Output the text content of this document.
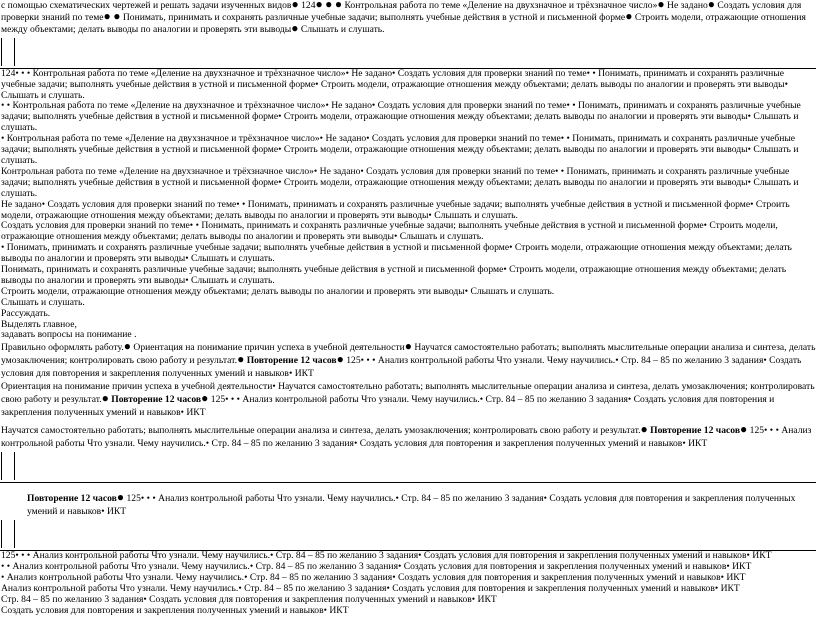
с помощью схематических чертежей и решать задачи изученных видов● 124● ● ● Контрольная работа по теме «Деление на двухзначное и трёхзначное число»● Не задано● Создать условия для проверки знаний по теме● ● Понимать, принимать и сохранять различные учебные задачи; выполнять учебные действия в устной и письменной форме● Строить модели, отражающие отношения между объектами; делать выводы по аналогии и проверять эти выводы● Слышать и слушать.

124• • • Контрольная работа по теме «Деление на двухзначное и трёхзначное число»• Не задано• Создать условия для проверки знаний по теме• • Понимать, принимать и сохранять различные учебные задачи; выполнять учебные действия в устной и письменной форме• Строить модели, отражающие отношения между объектами; делать выводы по аналогии и проверять эти выводы• Слышать и слушать.

• • Контрольная работа по теме «Деление на двухзначное и трёхзначное число»• Не задано• Создать условия для проверки знаний по теме• • Понимать, принимать и сохранять различные учебные задачи; выполнять учебные действия в устной и письменной форме• Строить модели, отражающие отношения между объектами; делать выводы по аналогии и проверять эти выводы• Слышать и слушать.

• Контрольная работа по теме «Деление на двухзначное и трёхзначное число»• Не задано• Создать условия для проверки знаний по теме• • Понимать, принимать и сохранять различные учебные задачи; выполнять учебные действия в устной и письменной форме• Строить модели, отражающие отношения между объектами; делать выводы по аналогии и проверять эти выводы• Слышать и слушать.

Контрольная работа по теме «Деление на двухзначное и трёхзначное число»• Не задано• Создать условия для проверки знаний по теме• • Понимать, принимать и сохранять различные учебные задачи; выполнять учебные действия в устной и письменной форме• Строить модели, отражающие отношения между объектами; делать выводы по аналогии и проверять эти выводы• Слышать и слушать.

Не задано• Создать условия для проверки знаний по теме• • Понимать, принимать и сохранять различные учебные задачи; выполнять учебные действия в устной и письменной форме• Строить модели, отражающие отношения между объектами; делать выводы по аналогии и проверять эти выводы• Слышать и слушать.

Создать условия для проверки знаний по теме• • Понимать, принимать и сохранять различные учебные задачи; выполнять учебные действия в устной и письменной форме• Строить модели, отражающие отношения между объектами; делать выводы по аналогии и проверять эти выводы• Слышать и слушать.

• Понимать, принимать и сохранять различные учебные задачи; выполнять учебные действия в устной и письменной форме• Строить модели, отражающие отношения между объектами; делать выводы по аналогии и проверять эти выводы• Слышать и слушать.

Понимать, принимать и сохранять различные учебные задачи; выполнять учебные действия в устной и письменной форме• Строить модели, отражающие отношения между объектами; делать выводы по аналогии и проверять эти выводы• Слышать и слушать.

Строить модели, отражающие отношения между объектами; делать выводы по аналогии и проверять эти выводы• Слышать и слушать.

Слышать и слушать.

Рассуждать.

Выделять главное,

задавать вопросы на понимание .

Правильно оформлять работу.● Ориентация на понимание причин успеха в учебной деятельности● Научатся самостоятельно работать; выполнять мыслительные операции анализа и синтеза, делать умозаключения; контролировать свою работу и результат.● Повторение 12 часов● 125• • • Анализ контрольной работы Что узнали. Чему научились.• Стр. 84 – 85 по желанию 3 задания• Создать условия для повторения и закрепления полученных умений и навыков• ИКТ

Ориентация на понимание причин успеха в учебной деятельности• Научатся самостоятельно работать; выполнять мыслительные операции анализа и синтеза, делать умозаключения; контролировать свою работу и результат.● Повторение 12 часов● 125• • • Анализ контрольной работы Что узнали. Чему научились.• Стр. 84 – 85 по желанию 3 задания• Создать условия для повторения и закрепления полученных умений и навыков• ИКТ

Научатся самостоятельно работать; выполнять мыслительные операции анализа и синтеза, делать умозаключения; контролировать свою работу и результат.● Повторение 12 часов● 125• • • Анализ контрольной работы Что узнали. Чему научились.• Стр. 84 – 85 по желанию 3 задания• Создать условия для повторения и закрепления полученных умений и навыков• ИКТ

Повторение 12 часов● 125• • • Анализ контрольной работы Что узнали. Чему научились.• Стр. 84 – 85 по желанию 3 задания• Создать условия для повторения и закрепления полученных умений и навыков• ИКТ

125• • • Анализ контрольной работы Что узнали. Чему научились.• Стр. 84 – 85 по желанию 3 задания• Создать условия для повторения и закрепления полученных умений и навыков• ИКТ

• • Анализ контрольной работы Что узнали. Чему научились.• Стр. 84 – 85 по желанию 3 задания• Создать условия для повторения и закрепления полученных умений и навыков• ИКТ

• Анализ контрольной работы Что узнали. Чему научились.• Стр. 84 – 85 по желанию 3 задания• Создать условия для повторения и закрепления полученных умений и навыков• ИКТ

Анализ контрольной работы Что узнали. Чему научились.• Стр. 84 – 85 по желанию 3 задания• Создать условия для повторения и закрепления полученных умений и навыков• ИКТ

Стр. 84 – 85 по желанию 3 задания• Создать условия для повторения и закрепления полученных умений и навыков• ИКТ

Создать условия для повторения и закрепления полученных умений и навыков• ИКТ
